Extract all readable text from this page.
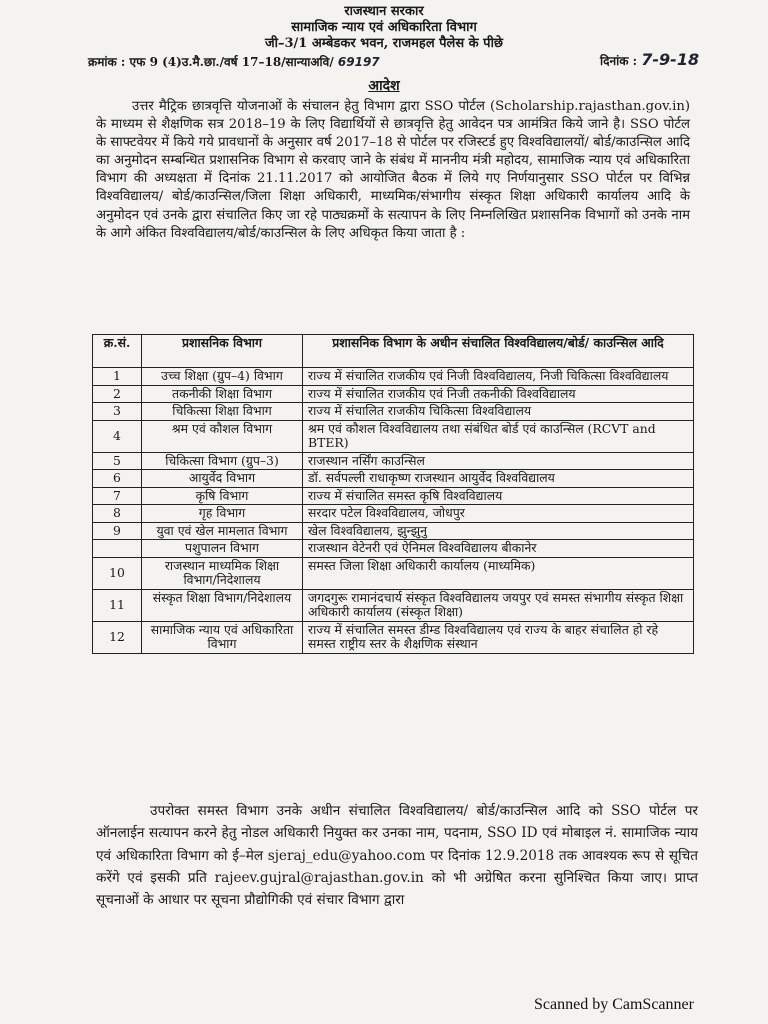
राजस्थान सरकार
सामाजिक न्याय एवं अधिकारिता विभाग
जी–3/1 अम्बेडकर भवन, राजमहल पैलेस के पीछे
क्रमांक : एफ 9 (4)उ.मै.छा./वर्ष 17–18/सान्याअवि/ 69197	दिनांक : 7-9-18
आदेश
उत्तर मैट्रिक छात्रवृत्ति योजनाओं के संचालन हेतु विभाग द्वारा SSO पोर्टल (Scholarship.rajasthan.gov.in) के माध्यम से शैक्षणिक सत्र 2018–19 के लिए विद्यार्थियों से छात्रवृत्ति हेतु आवेदन पत्र आमंत्रित किये जाने है। SSO पोर्टल के साफ्टवेयर में किये गये प्रावधानों के अनुसार वर्ष 2017–18 से पोर्टल पर रजिस्टर्ड हुए विश्वविद्यालयों/ बोर्ड/काउन्सिल आदि का अनुमोदन सम्बन्धित प्रशासनिक विभाग से करवाए जाने के संबंध में माननीय मंत्री महोदय, सामाजिक न्याय एवं अधिकारिता विभाग की अध्यक्षता में दिनांक 21.11.2017 को आयोजित बैठक में लिये गए निर्णयानुसार SSO पोर्टल पर विभिन्न विश्वविद्यालय/ बोर्ड/काउन्सिल/जिला शिक्षा अधिकारी, माध्यमिक/संभागीय संस्कृत शिक्षा अधिकारी कार्यालय आदि के अनुमोदन एवं उनके द्वारा संचालित किए जा रहे पाठ्यक्रमों के सत्यापन के लिए निम्नलिखित प्रशासनिक विभागों को उनके नाम के आगे अंकित विश्वविद्यालय/बोर्ड/काउन्सिल के लिए अधिकृत किया जाता है :
क्र.सं.	प्रशासनिक विभाग	प्रशासनिक विभाग के अधीन संचालित विश्वविद्यालय/बोर्ड/ काउन्सिल आदि
1	उच्च शिक्षा (ग्रुप–4) विभाग	राज्य में संचालित राजकीय एवं निजी विश्वविद्यालय, निजी चिकित्सा विश्वविद्यालय
2	तकनीकी शिक्षा विभाग	राज्य में संचालित राजकीय एवं निजी तकनीकी विश्वविद्यालय
3	चिकित्सा शिक्षा विभाग	राज्य में संचालित राजकीय चिकित्सा विश्वविद्यालय
4	श्रम एवं कौशल विभाग	श्रम एवं कौशल विश्वविद्यालय तथा संबंधित बोर्ड एवं काउन्सिल (RCVT and BTER)
5	चिकित्सा विभाग (ग्रुप–3)	राजस्थान नर्सिंग काउन्सिल
6	आयुर्वेद विभाग	डॉ. सर्वपल्ली राधाकृष्ण राजस्थान आयुर्वेद विश्वविद्यालय
7	कृषि विभाग	राज्य में संचालित समस्त कृषि विश्वविद्यालय
8	गृह विभाग	सरदार पटेल विश्वविद्यालय, जोधपुर
9	युवा एवं खेल मामलात विभाग	खेल विश्वविद्यालय, झुन्झुनु
	पशुपालन विभाग	राजस्थान वेटेनरी एवं ऐनिमल विश्वविद्यालय बीकानेर
10	राजस्थान माध्यमिक शिक्षा विभाग/निदेशालय	समस्त जिला शिक्षा अधिकारी कार्यालय (माध्यमिक)
11	संस्कृत शिक्षा विभाग/निदेशालय	जगदगुरू रामानंदचार्य संस्कृत विश्वविद्यालय जयपुर एवं समस्त संभागीय संस्कृत शिक्षा अधिकारी कार्यालय (संस्कृत शिक्षा)
12	सामाजिक न्याय एवं अधिकारिता विभाग	राज्य में संचालित समस्त डीम्ड विश्वविद्यालय एवं राज्य के बाहर संचालित हो रहे समस्त राष्ट्रीय स्तर के शैक्षणिक संस्थान
उपरोक्त समस्त विभाग उनके अधीन संचालित विश्वविद्यालय/ बोर्ड/काउन्सिल आदि को SSO पोर्टल पर ऑनलाईन सत्यापन करने हेतु नोडल अधिकारी नियुक्त कर उनका नाम, पदनाम, SSO ID एवं मोबाइल नं. सामाजिक न्याय एवं अधिकारिता विभाग को ई–मेल sjeraj_edu@yahoo.com पर दिनांक 12.9.2018 तक आवश्यक रूप से सूचित करेंगे एवं इसकी प्रति rajeev.gujral@rajasthan.gov.in को भी अग्रेषित करना सुनिश्चित किया जाए। प्राप्त सूचनाओं के आधार पर सूचना प्रौद्योगिकी एवं संचार विभाग द्वारा
Scanned by CamScanner
